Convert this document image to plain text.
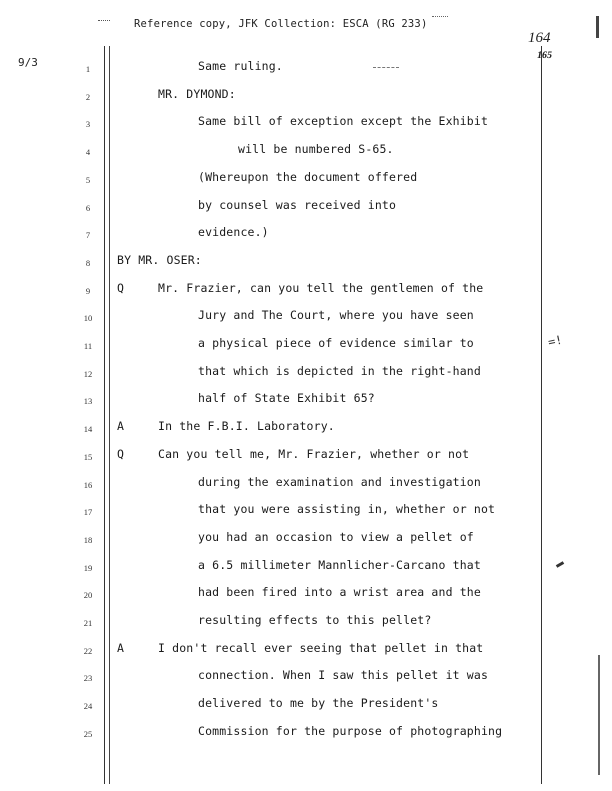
Reference copy, JFK Collection: ESCA (RG 233)
164
165
9/3
=!
1	Same ruling.
2	MR. DYMOND:
3	Same bill of exception except the Exhibit
4	will be numbered S-65.
5	(Whereupon the document offered
6	by counsel was received into
7	evidence.)
8	BY MR. OSER:
9	Q	Mr. Frazier, can you tell the gentlemen of the
10	Jury and The Court, where you have seen
11	a physical piece of evidence similar to
12	that which is depicted in the right-hand
13	half of State Exhibit 65?
14	A	In the F.B.I. Laboratory.
15	Q	Can you tell me, Mr. Frazier, whether or not
16	during the examination and investigation
17	that you were assisting in, whether or not
18	you had an occasion to view a pellet of
19	a 6.5 millimeter Mannlicher-Carcano that
20	had been fired into a wrist area and the
21	resulting effects to this pellet?
22	A	I don't recall ever seeing that pellet in that
23	connection. When I saw this pellet it was
24	delivered to me by the President's
25	Commission for the purpose of photographing
